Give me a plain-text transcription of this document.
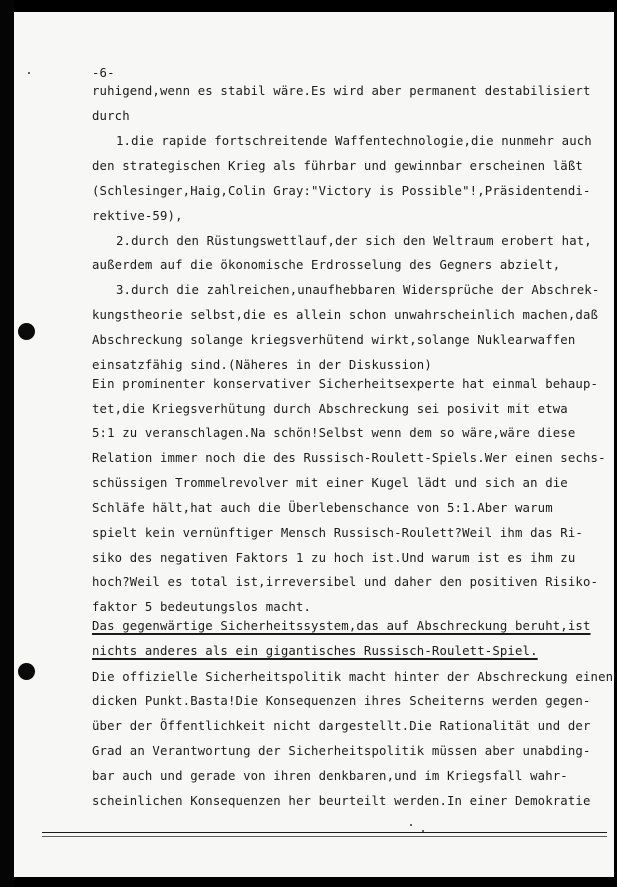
-6-
ruhigend,wenn es stabil wäre.Es wird aber permanent destabilisiert
durch
1.die rapide fortschreitende Waffentechnologie,die nunmehr auch
den strategischen Krieg als führbar und gewinnbar erscheinen läßt
(Schlesinger,Haig,Colin Gray:"Victory is Possible"!,Präsidentendi-
rektive-59),
2.durch den Rüstungswettlauf,der sich den Weltraum erobert hat,
außerdem auf die ökonomische Erdrosselung des Gegners abzielt,
3.durch die zahlreichen,unaufhebbaren Widersprüche der Abschrek-
kungstheorie selbst,die es allein schon unwahrscheinlich machen,daß
Abschreckung solange kriegsverhütend wirkt,solange Nuklearwaffen
einsatzfähig sind.(Näheres in der Diskussion)
Ein prominenter konservativer Sicherheitsexperte hat einmal behaup-
tet,die Kriegsverhütung durch Abschreckung sei posivit mit etwa
5:1 zu veranschlagen.Na schön!Selbst wenn dem so wäre,wäre diese
Relation immer noch die des Russisch-Roulett-Spiels.Wer einen sechs-
schüssigen Trommelrevolver mit einer Kugel lädt und sich an die
Schläfe hält,hat auch die Überlebenschance von 5:1.Aber warum
spielt kein vernünftiger Mensch Russisch-Roulett?Weil ihm das Ri-
siko des negativen Faktors 1 zu hoch ist.Und warum ist es ihm zu
hoch?Weil es total ist,irreversibel und daher den positiven Risiko-
faktor 5 bedeutungslos macht.
Das gegenwärtige Sicherheitssystem,das auf Abschreckung beruht,ist
nichts anderes als ein gigantisches Russisch-Roulett-Spiel.
Die offizielle Sicherheitspolitik macht hinter der Abschreckung einen
dicken Punkt.Basta!Die Konsequenzen ihres Scheiterns werden gegen-
über der Öffentlichkeit nicht dargestellt.Die Rationalität und der
Grad an Verantwortung der Sicherheitspolitik müssen aber unabding-
bar auch und gerade von ihren denkbaren,und im Kriegsfall wahr-
scheinlichen Konsequenzen her beurteilt werden.In einer Demokratie
